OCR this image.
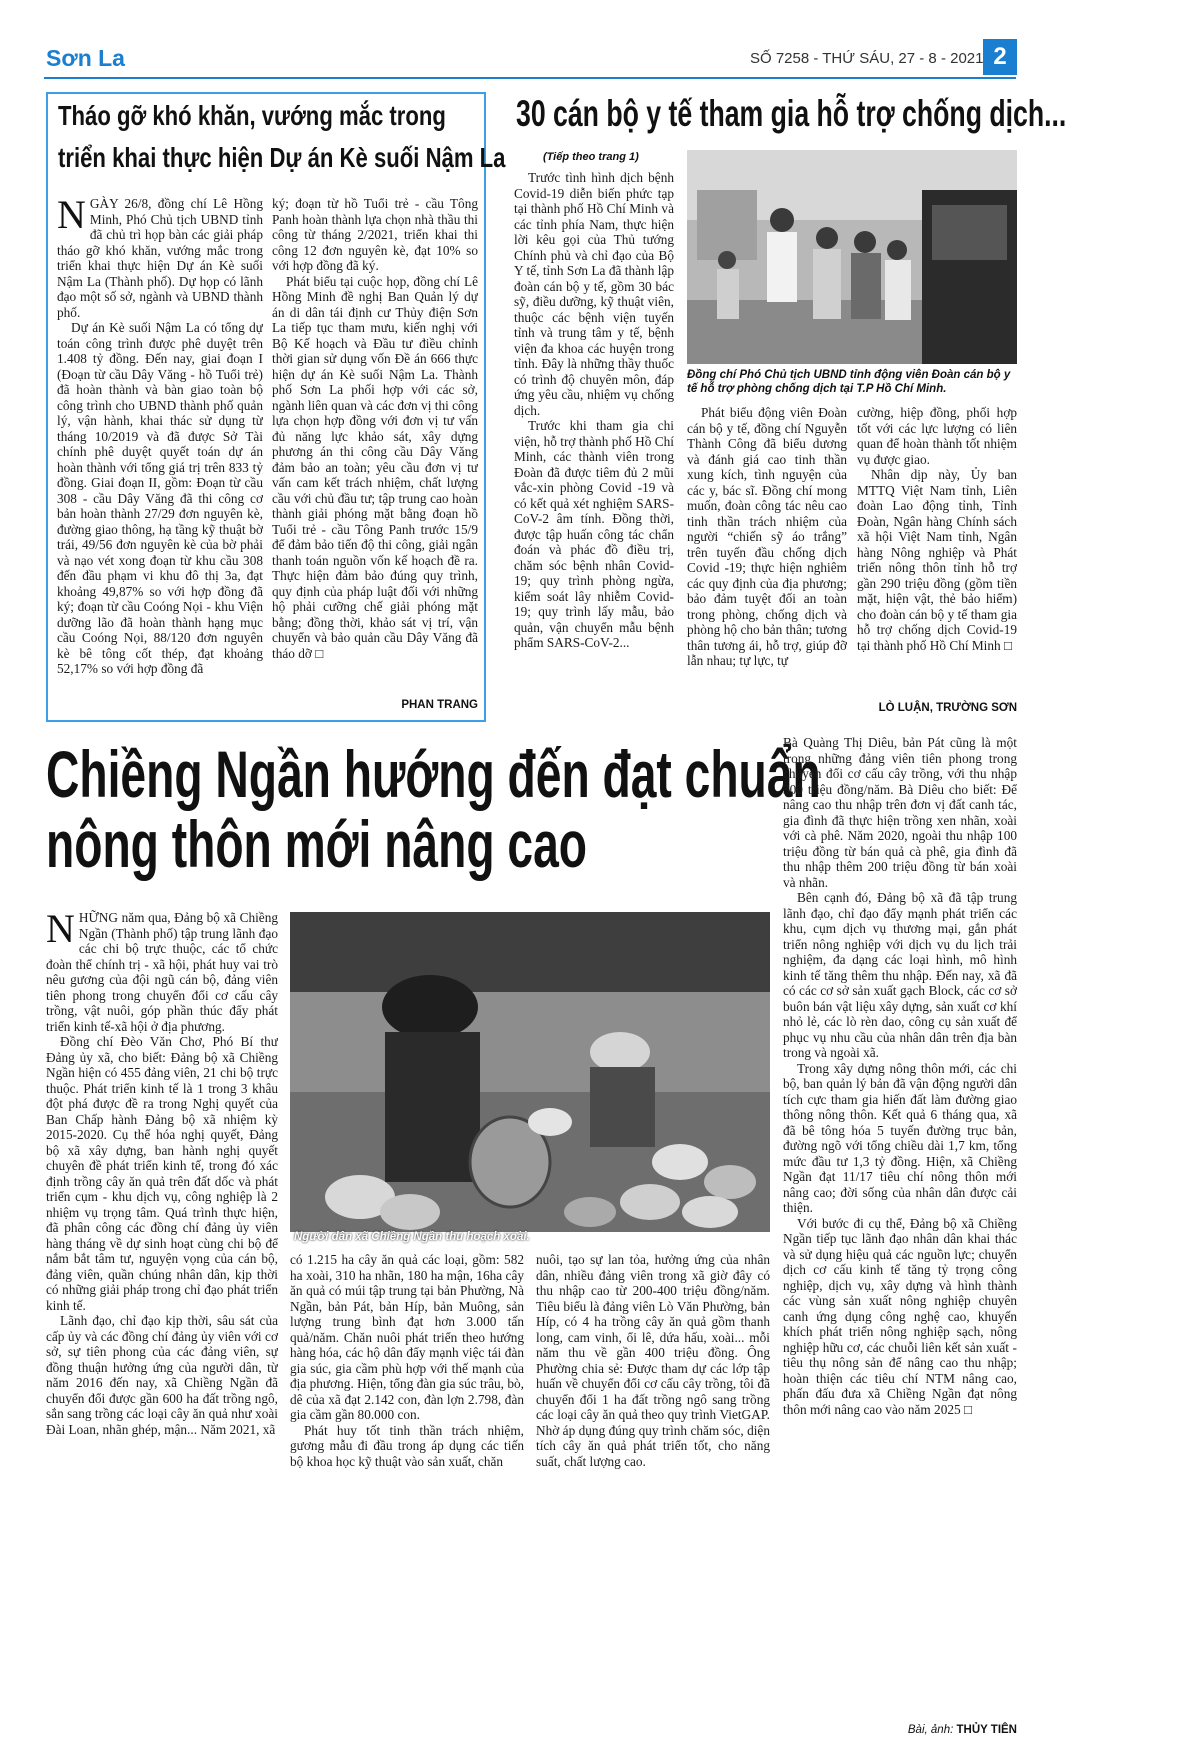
Sơn La	SỐ 7258 - THỨ SÁU, 27 - 8 - 2021 2
Tháo gỡ khó khăn, vướng mắc trong
triển khai thực hiện Dự án Kè suối Nậm La
N GÀY 26/8, đồng chí Lê Hồng Minh, Phó Chủ tịch UBND tỉnh đã chủ trì họp bàn các giải pháp tháo gỡ khó khăn, vướng mắc trong triển khai thực hiện Dự án Kè suối Nậm La (Thành phố). Dự họp có lãnh đạo một số sở, ngành và UBND thành phố.

Dự án Kè suối Nậm La có tổng dự toán công trình được phê duyệt trên 1.408 tỷ đồng. Đến nay, giai đoạn I (Đoạn từ cầu Dây Văng - hồ Tuổi trẻ) đã hoàn thành và bàn giao toàn bộ công trình cho UBND thành phố quản lý, vận hành, khai thác sử dụng từ tháng 10/2019 và đã được Sở Tài chính phê duyệt quyết toán dự án hoàn thành với tổng giá trị trên 833 tỷ đồng. Giai đoạn II, gồm: Đoạn từ cầu 308 - cầu Dây Văng đã thi công cơ bản hoàn thành 27/29 đơn nguyên kè, đường giao thông, hạ tầng kỹ thuật bờ trái, 49/56 đơn nguyên kè của bờ phải và nạo vét xong đoạn từ khu cầu 308 đến đầu phạm vi khu đô thị 3a, đạt khoảng 49,87% so với hợp đồng đã ký; đoạn từ cầu Coóng Nọi - khu Viện dưỡng lão đã hoàn thành hạng mục cầu Coóng Nọi, 88/120 đơn nguyên kè bê tông cốt thép, đạt khoảng 52,17% so với hợp đồng đã

ký; đoạn từ hồ Tuổi trẻ - cầu Tông Panh hoàn thành lựa chọn nhà thầu thi công từ tháng 2/2021, triển khai thi công 12 đơn nguyên kè, đạt 10% so với hợp đồng đã ký.

Phát biểu tại cuộc họp, đồng chí Lê Hồng Minh đề nghị Ban Quản lý dự án di dân tái định cư Thủy điện Sơn La tiếp tục tham mưu, kiến nghị với Bộ Kế hoạch và Đầu tư điều chỉnh thời gian sử dụng vốn Đề án 666 thực hiện dự án Kè suối Nậm La. Thành phố Sơn La phối hợp với các sở, ngành liên quan và các đơn vị thi công lựa chọn hợp đồng với đơn vị tư vấn đủ năng lực khảo sát, xây dựng phương án thi công cầu Dây Văng đảm bảo an toàn; yêu cầu đơn vị tư vấn cam kết trách nhiệm, chất lượng cầu với chủ đầu tư; tập trung cao hoàn thành giải phóng mặt bằng đoạn hồ Tuổi trẻ - cầu Tông Panh trước 15/9 để đảm bảo tiến độ thi công, giải ngân thanh toán nguồn vốn kế hoạch đề ra. Thực hiện đảm bảo đúng quy trình, quy định của pháp luật đối với những hộ phải cưỡng chế giải phóng mặt bằng; đồng thời, khảo sát vị trí, vận chuyển và bảo quản cầu Dây Văng đã tháo dỡ □

PHAN TRANG
30 cán bộ y tế tham gia hỗ trợ chống dịch...
(Tiếp theo trang 1)

Trước tình hình dịch bệnh Covid-19 diễn biến phức tạp tại thành phố Hồ Chí Minh và các tỉnh phía Nam, thực hiện lời kêu gọi của Thủ tướng Chính phủ và chỉ đạo của Bộ Y tế, tỉnh Sơn La đã thành lập đoàn cán bộ y tế, gồm 30 bác sỹ, điều dưỡng, kỹ thuật viên, thuộc các bệnh viện tuyến tỉnh và trung tâm y tế, bệnh viện đa khoa các huyện trong tỉnh. Đây là những thầy thuốc có trình độ chuyên môn, đáp ứng yêu cầu, nhiệm vụ chống dịch.

Trước khi tham gia chi viện, hỗ trợ thành phố Hồ Chí Minh, các thành viên trong Đoàn đã được tiêm đủ 2 mũi vắc-xin phòng Covid -19 và có kết quả xét nghiệm SARS-CoV-2 âm tính. Đồng thời, được tập huấn công tác chẩn đoán và phác đồ điều trị, chăm sóc bệnh nhân Covid-19; quy trình phòng ngừa, kiểm soát lây nhiễm Covid-19; quy trình lấy mẫu, bảo quản, vận chuyển mẫu bệnh phẩm SARS-CoV-2...

Đồng chí Phó Chủ tịch UBND tỉnh động viên Đoàn cán bộ y tế hỗ trợ phòng chống dịch tại T.P Hồ Chí Minh.

Phát biểu động viên Đoàn cán bộ y tế, đồng chí Nguyễn Thành Công đã biểu dương và đánh giá cao tinh thần xung kích, tình nguyện của các y, bác sĩ. Đồng chí mong muốn, đoàn công tác nêu cao tinh thần trách nhiệm của người “chiến sỹ áo trắng” trên tuyến đầu chống dịch Covid -19; thực hiện nghiêm các quy định của địa phương; bảo đảm tuyệt đối an toàn trong phòng, chống dịch và phòng hộ cho bản thân; tương thân tương ái, hỗ trợ, giúp đỡ lẫn nhau; tự lực, tự

cường, hiệp đồng, phối hợp tốt với các lực lượng có liên quan để hoàn thành tốt nhiệm vụ được giao.

Nhân dịp này, Ủy ban MTTQ Việt Nam tỉnh, Liên đoàn Lao động tỉnh, Tỉnh Đoàn, Ngân hàng Chính sách xã hội Việt Nam tỉnh, Ngân hàng Nông nghiệp và Phát triển nông thôn tỉnh hỗ trợ gần 290 triệu đồng (gồm tiền mặt, hiện vật, thẻ bảo hiểm) cho đoàn cán bộ y tế tham gia hỗ trợ chống dịch Covid-19 tại thành phố Hồ Chí Minh □

LÒ LUẬN, TRƯỜNG SƠN
Chiềng Ngần hướng đến đạt chuẩn
nông thôn mới nâng cao
N HỮNG năm qua, Đảng bộ xã Chiềng Ngần (Thành phố) tập trung lãnh đạo các chi bộ trực thuộc, các tổ chức đoàn thể chính trị - xã hội, phát huy vai trò nêu gương của đội ngũ cán bộ, đảng viên tiên phong trong chuyển đổi cơ cấu cây trồng, vật nuôi, góp phần thúc đẩy phát triển kinh tế-xã hội ở địa phương.

Đồng chí Đèo Văn Chơ, Phó Bí thư Đảng ủy xã, cho biết: Đảng bộ xã Chiềng Ngần hiện có 455 đảng viên, 21 chi bộ trực thuộc. Phát triển kinh tế là 1 trong 3 khâu đột phá được đề ra trong Nghị quyết của Ban Chấp hành Đảng bộ xã nhiệm kỳ 2015-2020. Cụ thể hóa nghị quyết, Đảng bộ xã xây dựng, ban hành nghị quyết chuyên đề phát triển kinh tế, trong đó xác định trồng cây ăn quả trên đất dốc và phát triển cụm - khu dịch vụ, công nghiệp là 2 nhiệm vụ trọng tâm. Quá trình thực hiện, đã phân công các đồng chí đảng ủy viên hàng tháng về dự sinh hoạt cùng chi bộ để nắm bắt tâm tư, nguyện vọng của cán bộ, đảng viên, quần chúng nhân dân, kịp thời có những giải pháp trong chỉ đạo phát triển kinh tế.

Lãnh đạo, chỉ đạo kịp thời, sâu sát của cấp ủy và các đồng chí đảng ủy viên với cơ sở, sự tiên phong của các đảng viên, sự đồng thuận hưởng ứng của người dân, từ năm 2016 đến nay, xã Chiềng Ngần đã chuyển đổi được gần 600 ha đất trồng ngô, sắn sang trồng các loại cây ăn quả như xoài Đài Loan, nhãn ghép, mận... Năm 2021, xã

Người dân xã Chiềng Ngần thu hoạch xoài.

có 1.215 ha cây ăn quả các loại, gồm: 582 ha xoài, 310 ha nhãn, 180 ha mận, 16ha cây ăn quả có múi tập trung tại bản Phường, Nà Ngần, bản Pát, bản Híp, bản Muông, sản lượng trung bình đạt hơn 3.000 tấn quả/năm. Chăn nuôi phát triển theo hướng hàng hóa, các hộ dân đẩy mạnh việc tái đàn gia súc, gia cầm phù hợp với thế mạnh của địa phương. Hiện, tổng đàn gia súc trâu, bò, dê của xã đạt 2.142 con, đàn lợn 2.798, đàn gia cầm gần 80.000 con.

Phát huy tốt tinh thần trách nhiệm, gương mẫu đi đầu trong áp dụng các tiến bộ khoa học kỹ thuật vào sản xuất, chăn

nuôi, tạo sự lan tỏa, hưởng ứng của nhân dân, nhiều đảng viên trong xã giờ đây có thu nhập cao từ 200-400 triệu đồng/năm. Tiêu biểu là đảng viên Lò Văn Phường, bản Híp, có 4 ha trồng cây ăn quả gồm thanh long, cam vinh, ổi lê, dứa hấu, xoài... mỗi năm thu về gần 400 triệu đồng. Ông Phường chia sẻ: Được tham dự các lớp tập huấn về chuyển đổi cơ cấu cây trồng, tôi đã chuyển đổi 1 ha đất trồng ngô sang trồng các loại cây ăn quả theo quy trình VietGAP. Nhờ áp dụng đúng quy trình chăm sóc, diện tích cây ăn quả phát triển tốt, cho năng suất, chất lượng cao.

Bà Quàng Thị Diêu, bản Pát cũng là một trong những đảng viên tiên phong trong chuyển đổi cơ cấu cây trồng, với thu nhập 300 triệu đồng/năm. Bà Diêu cho biết: Để nâng cao thu nhập trên đơn vị đất canh tác, gia đình đã thực hiện trồng xen nhãn, xoài với cà phê. Năm 2020, ngoài thu nhập 100 triệu đồng từ bán quả cà phê, gia đình đã thu nhập thêm 200 triệu đồng từ bán xoài và nhãn.

Bên cạnh đó, Đảng bộ xã đã tập trung lãnh đạo, chỉ đạo đẩy mạnh phát triển các khu, cụm dịch vụ thương mại, gắn phát triển nông nghiệp với dịch vụ du lịch trải nghiệm, đa dạng các loại hình, mô hình kinh tế tăng thêm thu nhập. Đến nay, xã đã có các cơ sở sản xuất gạch Block, các cơ sở buôn bán vật liệu xây dựng, sản xuất cơ khí nhỏ lẻ, các lò rèn dao, công cụ sản xuất để phục vụ nhu cầu của nhân dân trên địa bàn trong và ngoài xã.

Trong xây dựng nông thôn mới, các chi bộ, ban quản lý bản đã vận động người dân tích cực tham gia hiến đất làm đường giao thông nông thôn. Kết quả 6 tháng qua, xã đã bê tông hóa 5 tuyến đường trục bản, đường ngõ với tổng chiều dài 1,7 km, tổng mức đầu tư 1,3 tỷ đồng. Hiện, xã Chiềng Ngần đạt 11/17 tiêu chí nông thôn mới nâng cao; đời sống của nhân dân được cải thiện.

Với bước đi cụ thể, Đảng bộ xã Chiềng Ngần tiếp tục lãnh đạo nhân dân khai thác và sử dụng hiệu quả các nguồn lực; chuyển dịch cơ cấu kinh tế tăng tỷ trọng công nghiệp, dịch vụ, xây dựng và hình thành các vùng sản xuất nông nghiệp chuyên canh ứng dụng công nghệ cao, khuyến khích phát triển nông nghiệp sạch, nông nghiệp hữu cơ, các chuỗi liên kết sản xuất - tiêu thụ nông sản để nâng cao thu nhập; hoàn thiện các tiêu chí NTM nâng cao, phấn đấu đưa xã Chiềng Ngần đạt nông thôn mới nâng cao vào năm 2025 □

Bài, ảnh: THỦY TIÊN
